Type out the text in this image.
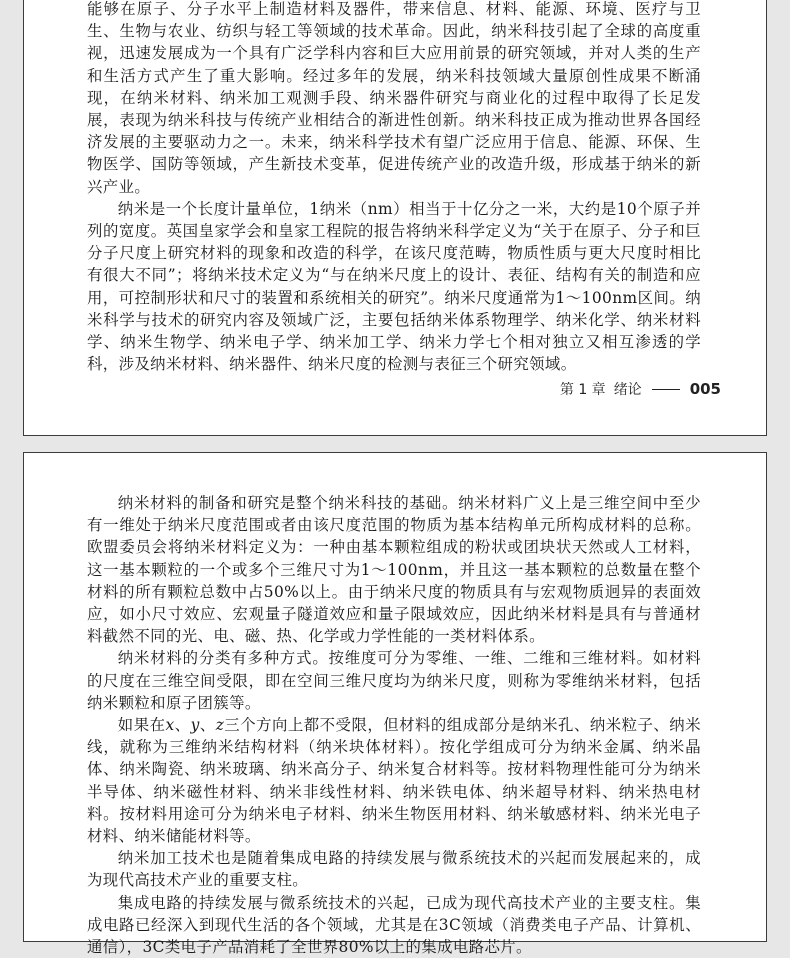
能够在原子、分子水平上制造材料及器件，带来信息、材料、能源、环境、医疗与卫生、生物与农业、纺织与轻工等领域的技术革命。因此，纳米科技引起了全球的高度重视，迅速发展成为一个具有广泛学科内容和巨大应用前景的研究领域，并对人类的生产和生活方式产生了重大影响。经过多年的发展，纳米科技领域大量原创性成果不断涌现，在纳米材料、纳米加工观测手段、纳米器件研究与商业化的过程中取得了长足发展，表现为纳米科技与传统产业相结合的渐进性创新。纳米科技正成为推动世界各国经济发展的主要驱动力之一。未来，纳米科学技术有望广泛应用于信息、能源、环保、生物医学、国防等领域，产生新技术变革，促进传统产业的改造升级，形成基于纳米的新兴产业。

纳米是一个长度计量单位，1纳米（nm）相当于十亿分之一米，大约是10个原子并列的宽度。英国皇家学会和皇家工程院的报告将纳米科学定义为“关于在原子、分子和巨分子尺度上研究材料的现象和改造的科学，在该尺度范畴，物质性质与更大尺度时相比有很大不同”；将纳米技术定义为“与在纳米尺度上的设计、表征、结构有关的制造和应用，可控制形状和尺寸的装置和系统相关的研究”。纳米尺度通常为1～100nm区间。纳米科学与技术的研究内容及领域广泛，主要包括纳米体系物理学、纳米化学、纳米材料学、纳米生物学、纳米电子学、纳米加工学、纳米力学七个相对独立又相互渗透的学科，涉及纳米材料、纳米器件、纳米尺度的检测与表征三个研究领域。

第 1 章 绪论	005

纳米材料的制备和研究是整个纳米科技的基础。纳米材料广义上是三维空间中至少有一维处于纳米尺度范围或者由该尺度范围的物质为基本结构单元所构成材料的总称。欧盟委员会将纳米材料定义为：一种由基本颗粒组成的粉状或团块状天然或人工材料，这一基本颗粒的一个或多个三维尺寸为1～100nm，并且这一基本颗粒的总数量在整个材料的所有颗粒总数中占50%以上。由于纳米尺度的物质具有与宏观物质迥异的表面效应，如小尺寸效应、宏观量子隧道效应和量子限域效应，因此纳米材料是具有与普通材料截然不同的光、电、磁、热、化学或力学性能的一类材料体系。

纳米材料的分类有多种方式。按维度可分为零维、一维、二维和三维材料。如材料的尺度在三维空间受限，即在空间三维尺度均为纳米尺度，则称为零维纳米材料，包括纳米颗粒和原子团簇等。

如果在x、y、z三个方向上都不受限，但材料的组成部分是纳米孔、纳米粒子、纳米线，就称为三维纳米结构材料（纳米块体材料）。按化学组成可分为纳米金属、纳米晶体、纳米陶瓷、纳米玻璃、纳米高分子、纳米复合材料等。按材料物理性能可分为纳米半导体、纳米磁性材料、纳米非线性材料、纳米铁电体、纳米超导材料、纳米热电材料。按材料用途可分为纳米电子材料、纳米生物医用材料、纳米敏感材料、纳米光电子材料、纳米储能材料等。

纳米加工技术也是随着集成电路的持续发展与微系统技术的兴起而发展起来的，成为现代高技术产业的重要支柱。

集成电路的持续发展与微系统技术的兴起，已成为现代高技术产业的主要支柱。集成电路已经深入到现代生活的各个领域，尤其是在3C领域（消费类电子产品、计算机、通信），3C类电子产品消耗了全世界80%以上的集成电路芯片。
